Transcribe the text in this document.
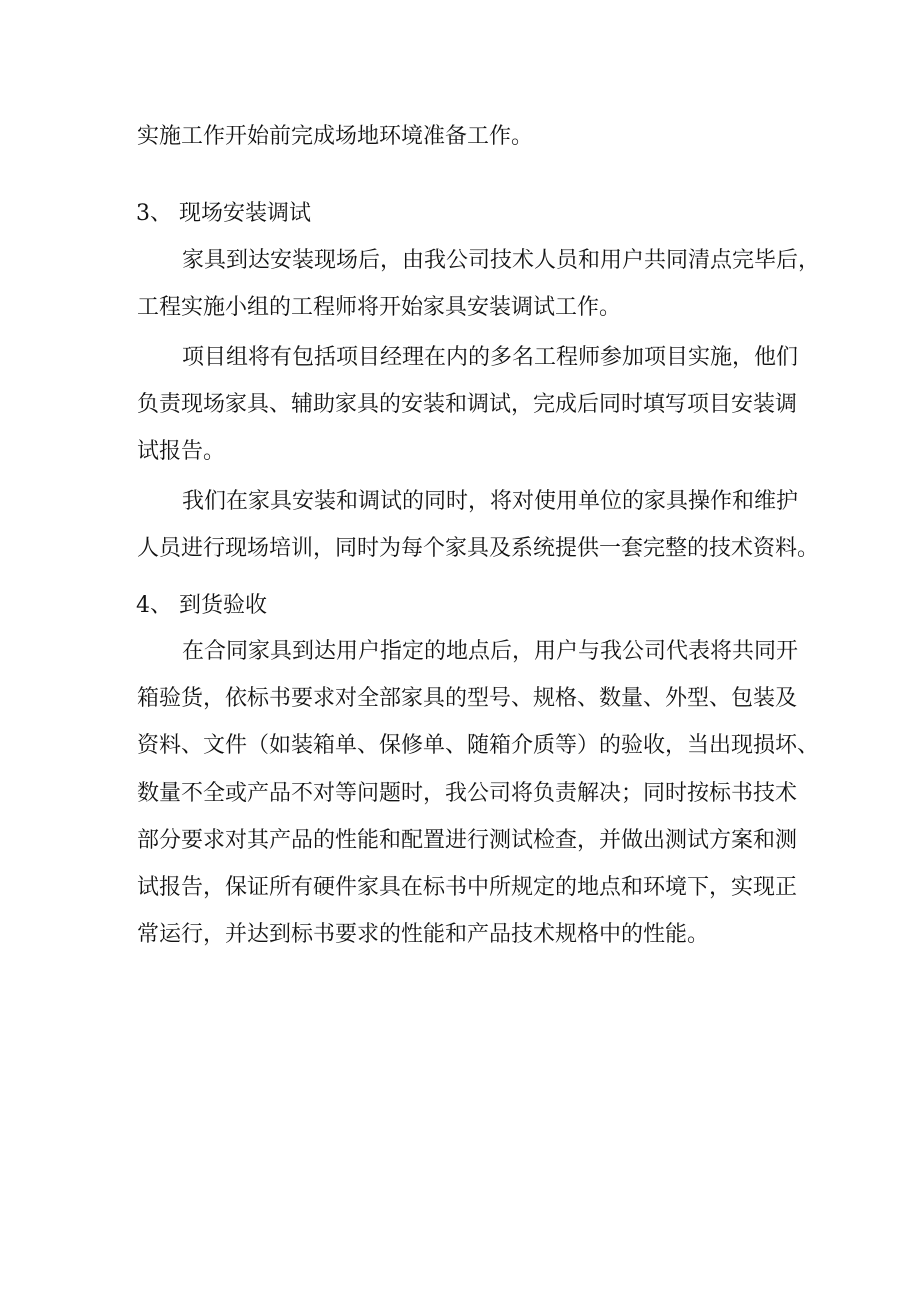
实施工作开始前完成场地环境准备工作。
3、 现场安装调试
家具到达安装现场后，由我公司技术人员和用户共同清点完毕后，
工程实施小组的工程师将开始家具安装调试工作。
项目组将有包括项目经理在内的多名工程师参加项目实施，他们
负责现场家具、辅助家具的安装和调试，完成后同时填写项目安装调
试报告。
我们在家具安装和调试的同时，将对使用单位的家具操作和维护
人员进行现场培训，同时为每个家具及系统提供一套完整的技术资料。
4、 到货验收
在合同家具到达用户指定的地点后，用户与我公司代表将共同开
箱验货，依标书要求对全部家具的型号、规格、数量、外型、包装及
资料、文件（如装箱单、保修单、随箱介质等）的验收，当出现损坏、
数量不全或产品不对等问题时，我公司将负责解决；同时按标书技术
部分要求对其产品的性能和配置进行测试检查，并做出测试方案和测
试报告，保证所有硬件家具在标书中所规定的地点和环境下，实现正
常运行，并达到标书要求的性能和产品技术规格中的性能。
